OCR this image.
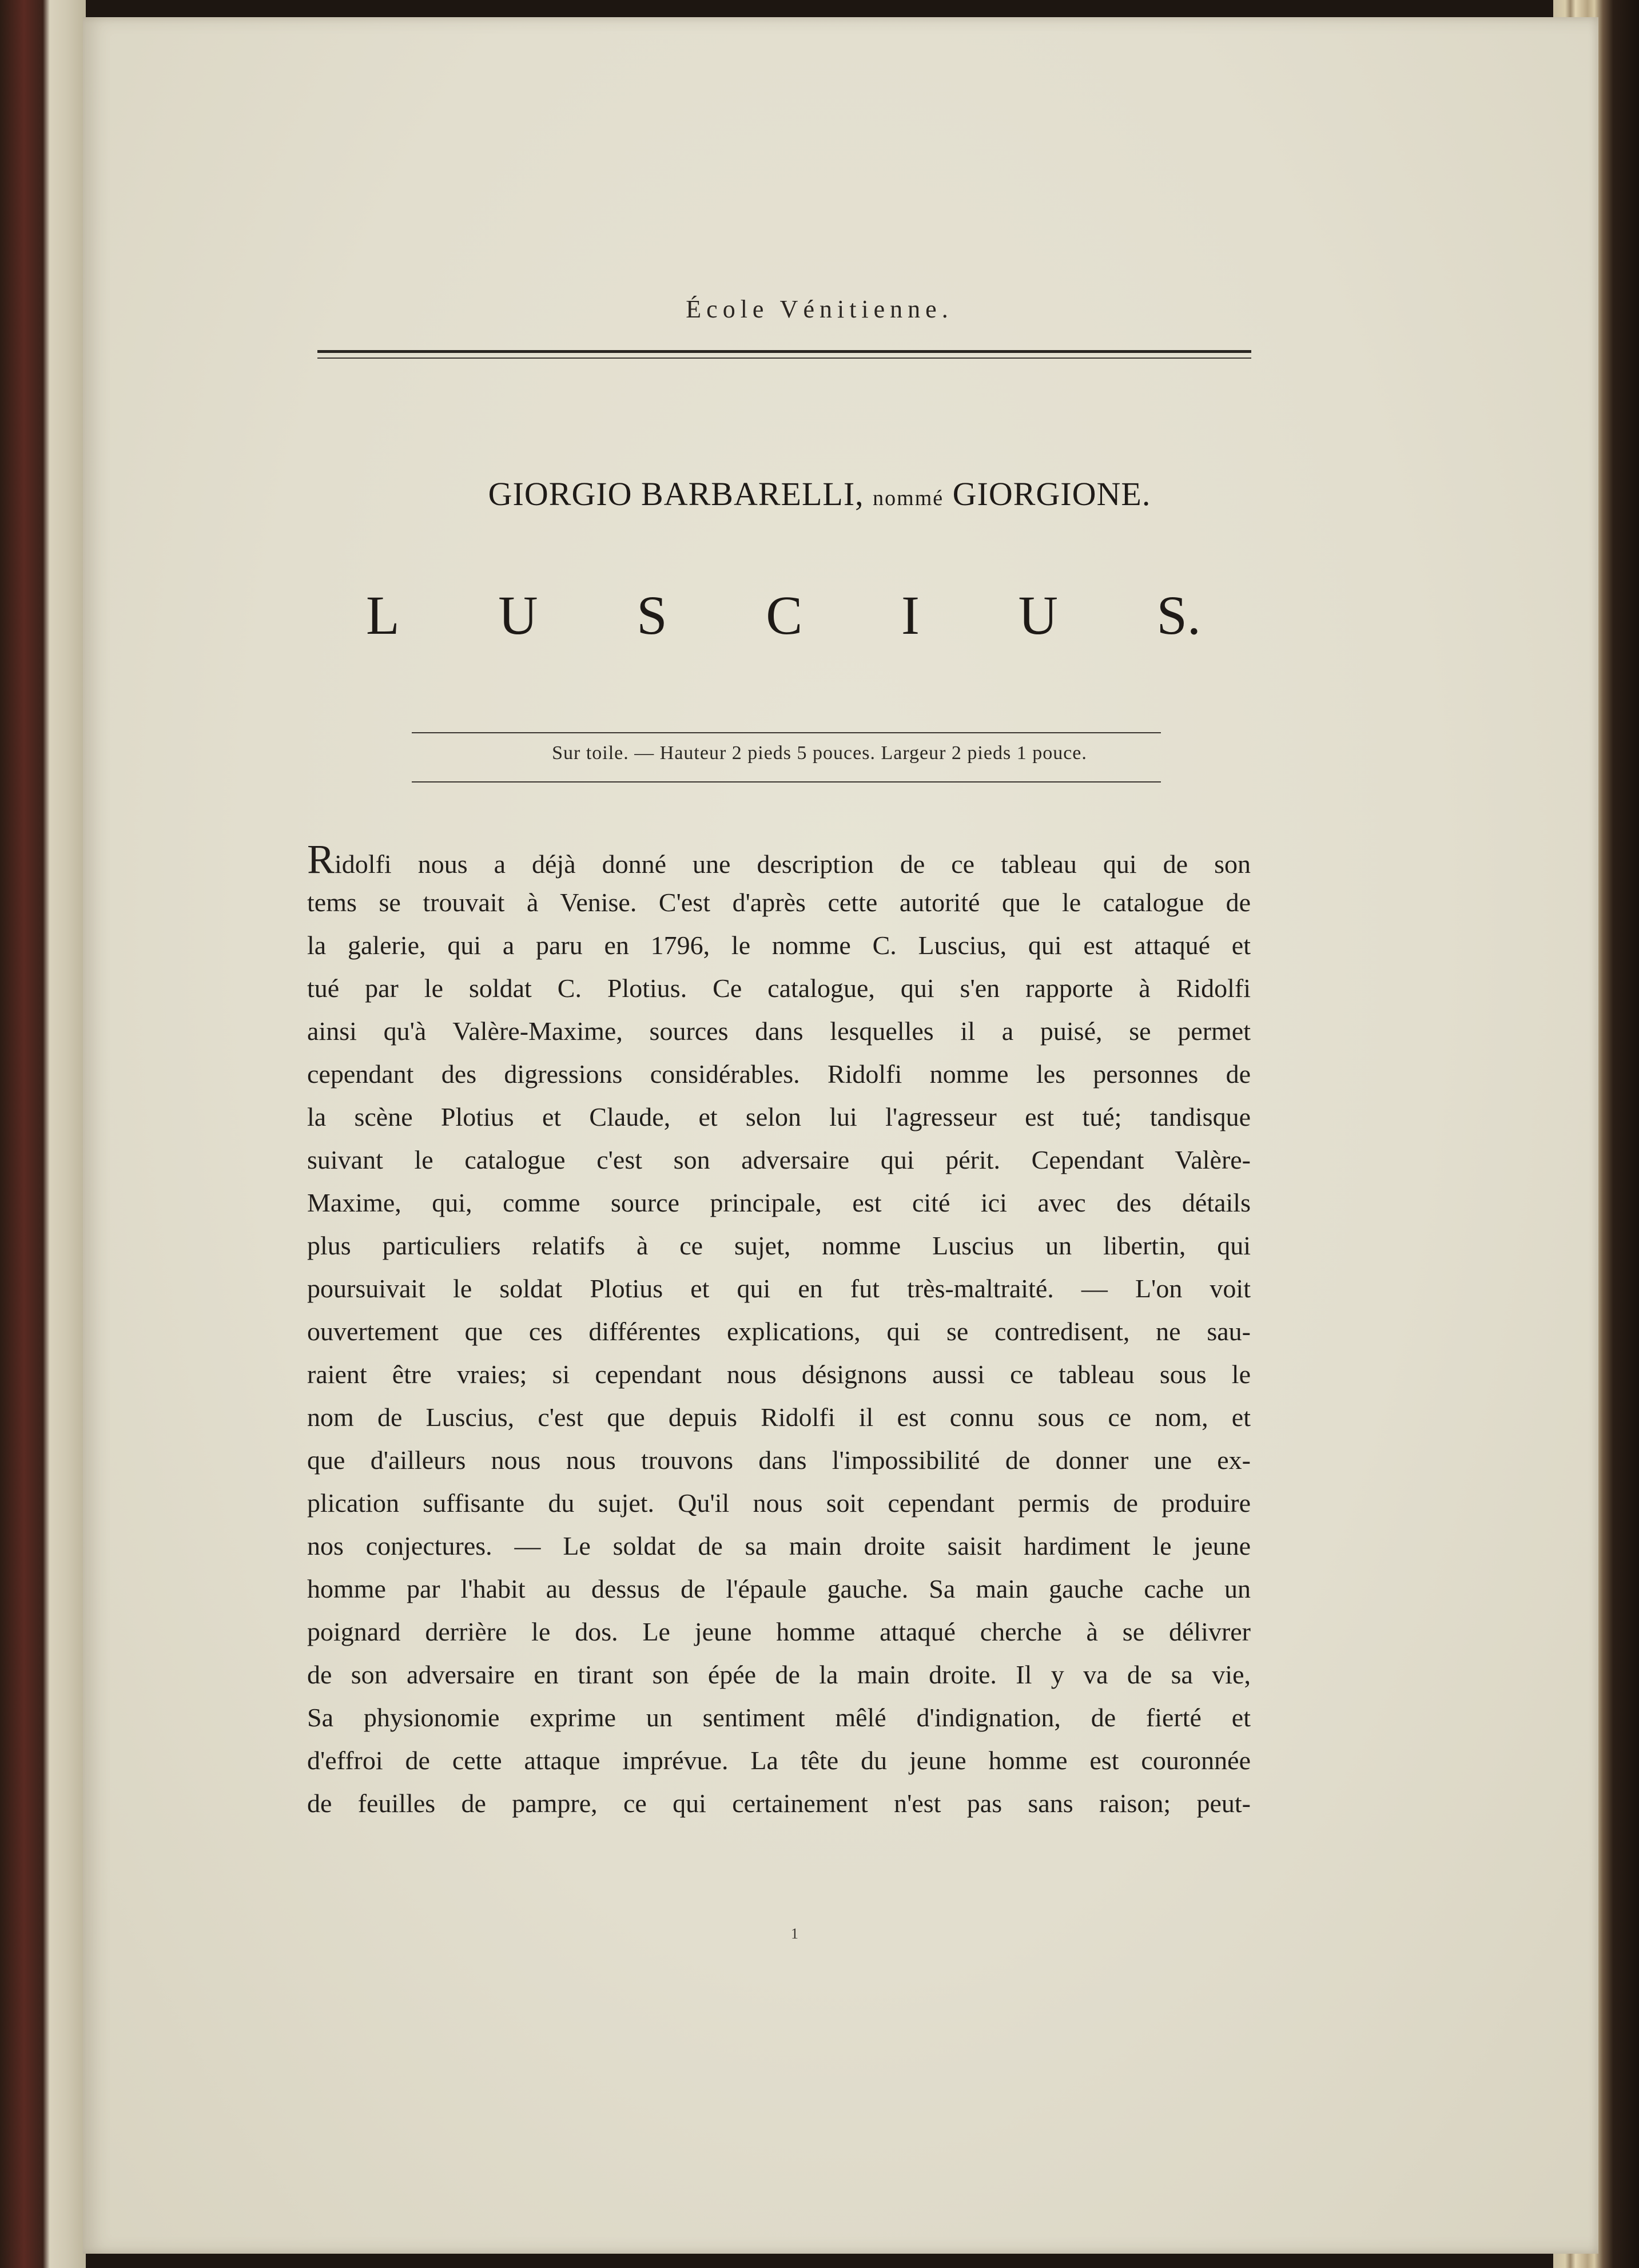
École Vénitienne.
GIORGIO BARBARELLI, nommé GIORGIONE.
L U S C I U S.
Sur toile. — Hauteur 2 pieds 5 pouces. Largeur 2 pieds 1 pouce.
Ridolfi nous a déjà donné une description de ce tableau qui de son
tems se trouvait à Venise. C'est d'après cette autorité que le catalogue de
la galerie, qui a paru en 1796, le nomme C. Luscius, qui est attaqué et
tué par le soldat C. Plotius. Ce catalogue, qui s'en rapporte à Ridolfi
ainsi qu'à Valère-Maxime, sources dans lesquelles il a puisé, se permet
cependant des digressions considérables. Ridolfi nomme les personnes de
la scène Plotius et Claude, et selon lui l'agresseur est tué; tandisque
suivant le catalogue c'est son adversaire qui périt. Cependant Valère-
Maxime, qui, comme source principale, est cité ici avec des détails
plus particuliers relatifs à ce sujet, nomme Luscius un libertin, qui
poursuivait le soldat Plotius et qui en fut très-maltraité. — L'on voit
ouvertement que ces différentes explications, qui se contredisent, ne sau-
raient être vraies; si cependant nous désignons aussi ce tableau sous le
nom de Luscius, c'est que depuis Ridolfi il est connu sous ce nom, et
que d'ailleurs nous nous trouvons dans l'impossibilité de donner une ex-
plication suffisante du sujet. Qu'il nous soit cependant permis de produire
nos conjectures. — Le soldat de sa main droite saisit hardiment le jeune
homme par l'habit au dessus de l'épaule gauche. Sa main gauche cache un
poignard derrière le dos. Le jeune homme attaqué cherche à se délivrer
de son adversaire en tirant son épée de la main droite. Il y va de sa vie,
Sa physionomie exprime un sentiment mêlé d'indignation, de fierté et
d'effroi de cette attaque imprévue. La tête du jeune homme est couronnée
de feuilles de pampre, ce qui certainement n'est pas sans raison; peut-
1
